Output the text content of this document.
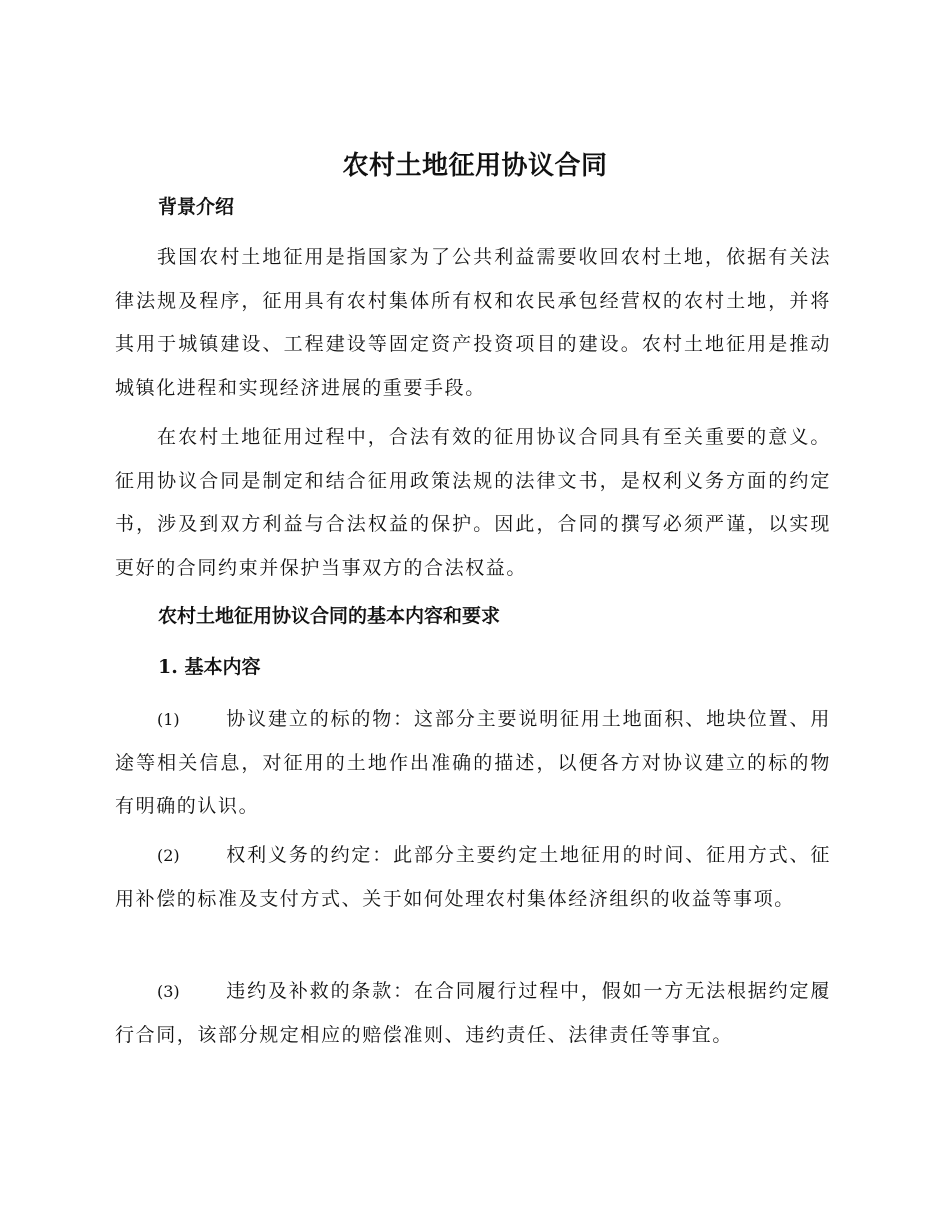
农村土地征用协议合同
背景介绍

我国农村土地征用是指国家为了公共利益需要收回农村土地，依据有关法律法规及程序，征用具有农村集体所有权和农民承包经营权的农村土地，并将其用于城镇建设、工程建设等固定资产投资项目的建设。农村土地征用是推动城镇化进程和实现经济进展的重要手段。

在农村土地征用过程中，合法有效的征用协议合同具有至关重要的意义。征用协议合同是制定和结合征用政策法规的法律文书，是权利义务方面的约定书，涉及到双方利益与合法权益的保护。因此，合同的撰写必须严谨，以实现更好的合同约束并保护当事双方的合法权益。

农村土地征用协议合同的基本内容和要求
1. 基本内容

(1) 协议建立的标的物：这部分主要说明征用土地面积、地块位置、用途等相关信息，对征用的土地作出准确的描述，以便各方对协议建立的标的物有明确的认识。

(2) 权利义务的约定：此部分主要约定土地征用的时间、征用方式、征用补偿的标准及支付方式、关于如何处理农村集体经济组织的收益等事项。

(3) 违约及补救的条款：在合同履行过程中，假如一方无法根据约定履行合同，该部分规定相应的赔偿准则、违约责任、法律责任等事宜。
